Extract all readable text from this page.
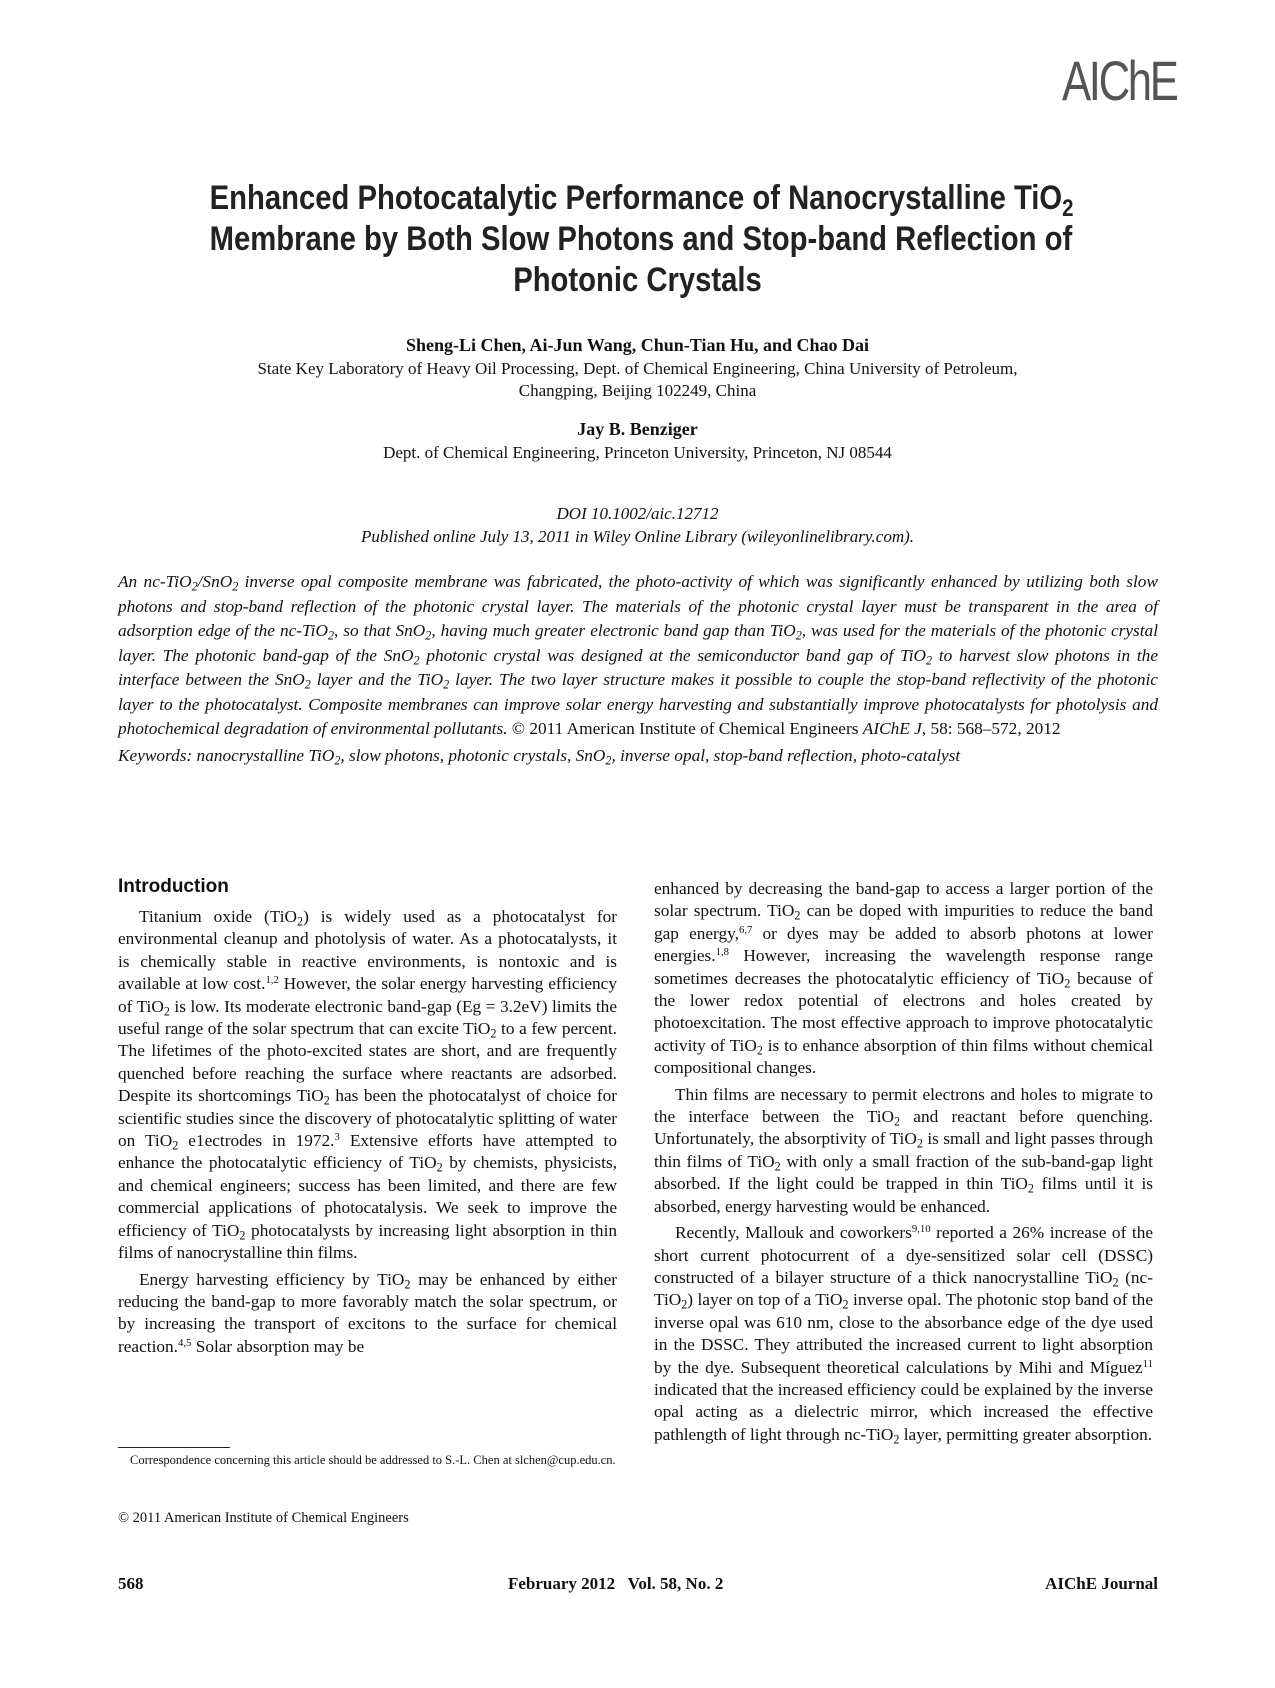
AIChE
Enhanced Photocatalytic Performance of Nanocrystalline TiO$_2$
Membrane by Both Slow Photons and Stop-band Reflection of
Photonic Crystals
Sheng-Li Chen, Ai-Jun Wang, Chun-Tian Hu, and Chao Dai
State Key Laboratory of Heavy Oil Processing, Dept. of Chemical Engineering, China University of Petroleum,
Changping, Beijing 102249, China
Jay B. Benziger
Dept. of Chemical Engineering, Princeton University, Princeton, NJ 08544
DOI 10.1002/aic.12712
Published online July 13, 2011 in Wiley Online Library (wileyonlinelibrary.com).

An nc-TiO$_2$/SnO$_2$ inverse opal composite membrane was fabricated, the photo-activity of which was significantly enhanced by utilizing both slow photons and stop-band reflection of the photonic crystal layer. The materials of the photonic crystal layer must be transparent in the area of adsorption edge of the nc-TiO$_2$, so that SnO$_2$, having much greater electronic band gap than TiO$_2$, was used for the materials of the photonic crystal layer. The photonic band-gap of the SnO$_2$ photonic crystal was designed at the semiconductor band gap of TiO$_2$ to harvest slow photons in the interface between the SnO$_2$ layer and the TiO$_2$ layer. The two layer structure makes it possible to couple the stop-band reflectivity of the photonic layer to the photocatalyst. Composite membranes can improve solar energy harvesting and substantially improve photocatalysts for photolysis and photochemical degradation of environmental pollutants. © 2011 American Institute of Chemical Engineers AIChE J, 58: 568–572, 2012

Keywords: nanocrystalline TiO$_2$, slow photons, photonic crystals, SnO$_2$, inverse opal, stop-band reflection, photo-catalyst

Introduction

Titanium oxide (TiO$_2$) is widely used as a photocatalyst for environmental cleanup and photolysis of water. As a photocatalysts, it is chemically stable in reactive environments, is nontoxic and is available at low cost.$^{1,2}$ However, the solar energy harvesting efficiency of TiO$_2$ is low. Its moderate electronic band-gap (Eg = 3.2eV) limits the useful range of the solar spectrum that can excite TiO$_2$ to a few percent. The lifetimes of the photo-excited states are short, and are frequently quenched before reaching the surface where reactants are adsorbed. Despite its shortcomings TiO$_2$ has been the photocatalyst of choice for scientific studies since the discovery of photocatalytic splitting of water on TiO$_2$ e1ectrodes in 1972.$^3$ Extensive efforts have attempted to enhance the photocatalytic efficiency of TiO$_2$ by chemists, physicists, and chemical engineers; success has been limited, and there are few commercial applications of photocatalysis. We seek to improve the efficiency of TiO$_2$ photocatalysts by increasing light absorption in thin films of nanocrystalline thin films.

Energy harvesting efficiency by TiO$_2$ may be enhanced by either reducing the band-gap to more favorably match the solar spectrum, or by increasing the transport of excitons to the surface for chemical reaction.$^{4,5}$ Solar absorption may be

Correspondence concerning this article should be addressed to S.-L. Chen at slchen@cup.edu.cn.
© 2011 American Institute of Chemical Engineers

enhanced by decreasing the band-gap to access a larger portion of the solar spectrum. TiO$_2$ can be doped with impurities to reduce the band gap energy,$^{6,7}$ or dyes may be added to absorb photons at lower energies.$^{1,8}$ However, increasing the wavelength response range sometimes decreases the photocatalytic efficiency of TiO$_2$ because of the lower redox potential of electrons and holes created by photoexcitation. The most effective approach to improve photocatalytic activity of TiO$_2$ is to enhance absorption of thin films without chemical compositional changes.

Thin films are necessary to permit electrons and holes to migrate to the interface between the TiO$_2$ and reactant before quenching. Unfortunately, the absorptivity of TiO$_2$ is small and light passes through thin films of TiO$_2$ with only a small fraction of the sub-band-gap light absorbed. If the light could be trapped in thin TiO$_2$ films until it is absorbed, energy harvesting would be enhanced.

Recently, Mallouk and coworkers$^{9,10}$ reported a 26% increase of the short current photocurrent of a dye-sensitized solar cell (DSSC) constructed of a bilayer structure of a thick nanocrystalline TiO$_2$ (nc-TiO$_2$) layer on top of a TiO$_2$ inverse opal. The photonic stop band of the inverse opal was 610 nm, close to the absorbance edge of the dye used in the DSSC. They attributed the increased current to light absorption by the dye. Subsequent theoretical calculations by Mihi and Míguez$^{11}$ indicated that the increased efficiency could be explained by the inverse opal acting as a dielectric mirror, which increased the effective pathlength of light through nc-TiO$_2$ layer, permitting greater absorption.

568	February 2012   Vol. 58, No. 2	AIChE Journal
